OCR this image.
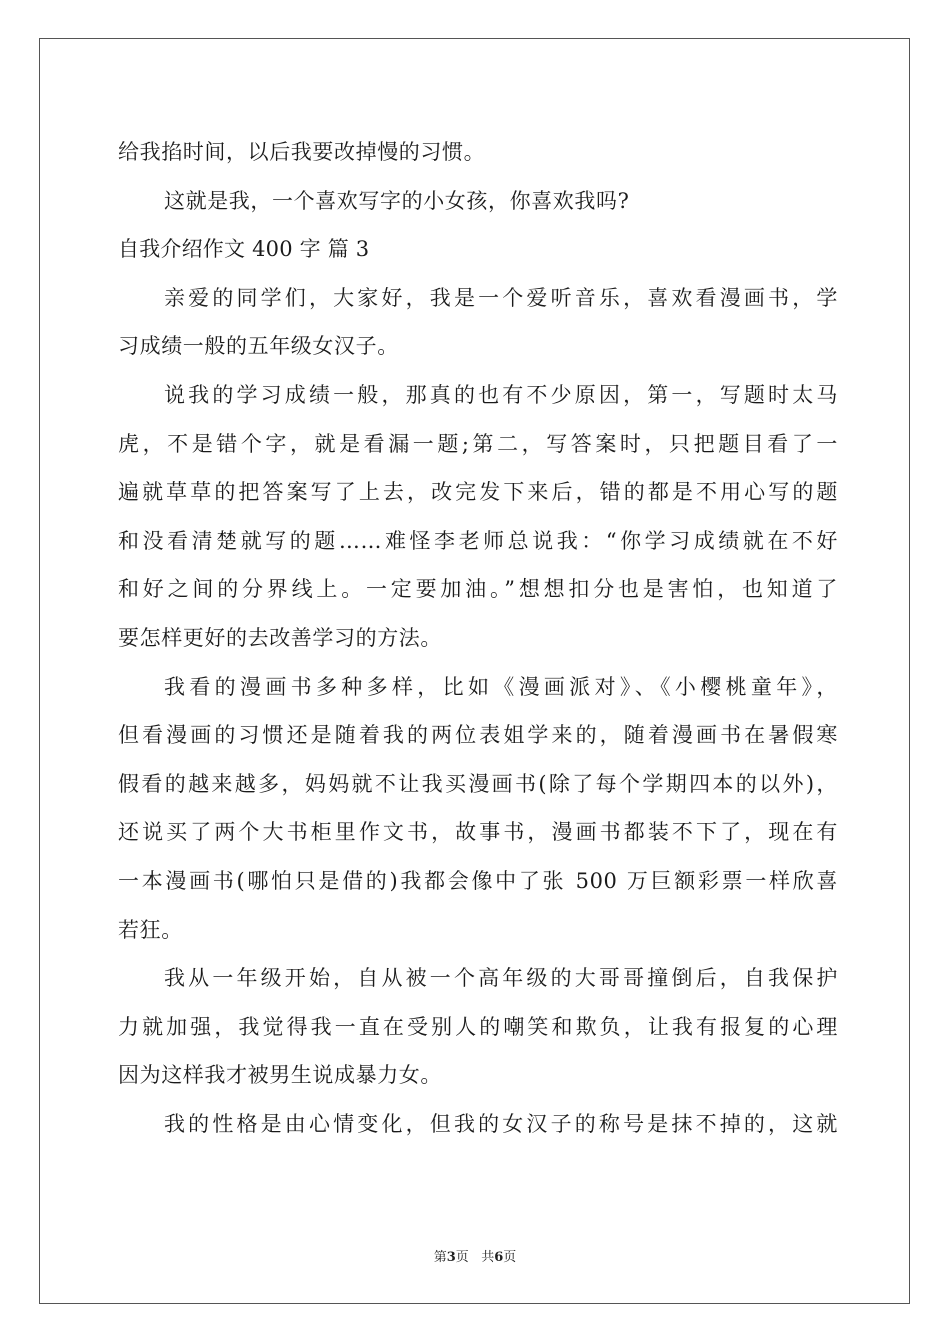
给我掐时间，以后我要改掉慢的习惯。
这就是我，一个喜欢写字的小女孩，你喜欢我吗?
自我介绍作文 400 字 篇 3
亲爱的同学们，大家好，我是一个爱听音乐，喜欢看漫画书，学
习成绩一般的五年级女汉子。
说我的学习成绩一般，那真的也有不少原因，第一，写题时太马
虎，不是错个字，就是看漏一题;第二，写答案时，只把题目看了一
遍就草草的把答案写了上去，改完发下来后，错的都是不用心写的题
和没看清楚就写的题……难怪李老师总说我：“你学习成绩就在不好
和好之间的分界线上。一定要加油。”想想扣分也是害怕，也知道了
要怎样更好的去改善学习的方法。
我看的漫画书多种多样，比如《漫画派对》、《小樱桃童年》，
但看漫画的习惯还是随着我的两位表姐学来的，随着漫画书在暑假寒
假看的越来越多，妈妈就不让我买漫画书(除了每个学期四本的以外)，
还说买了两个大书柜里作文书，故事书，漫画书都装不下了，现在有
一本漫画书(哪怕只是借的)我都会像中了张 500 万巨额彩票一样欣喜
若狂。
我从一年级开始，自从被一个高年级的大哥哥撞倒后，自我保护
力就加强，我觉得我一直在受别人的嘲笑和欺负，让我有报复的心理
因为这样我才被男生说成暴力女。
我的性格是由心情变化，但我的女汉子的称号是抹不掉的，这就
第3页 共6页
